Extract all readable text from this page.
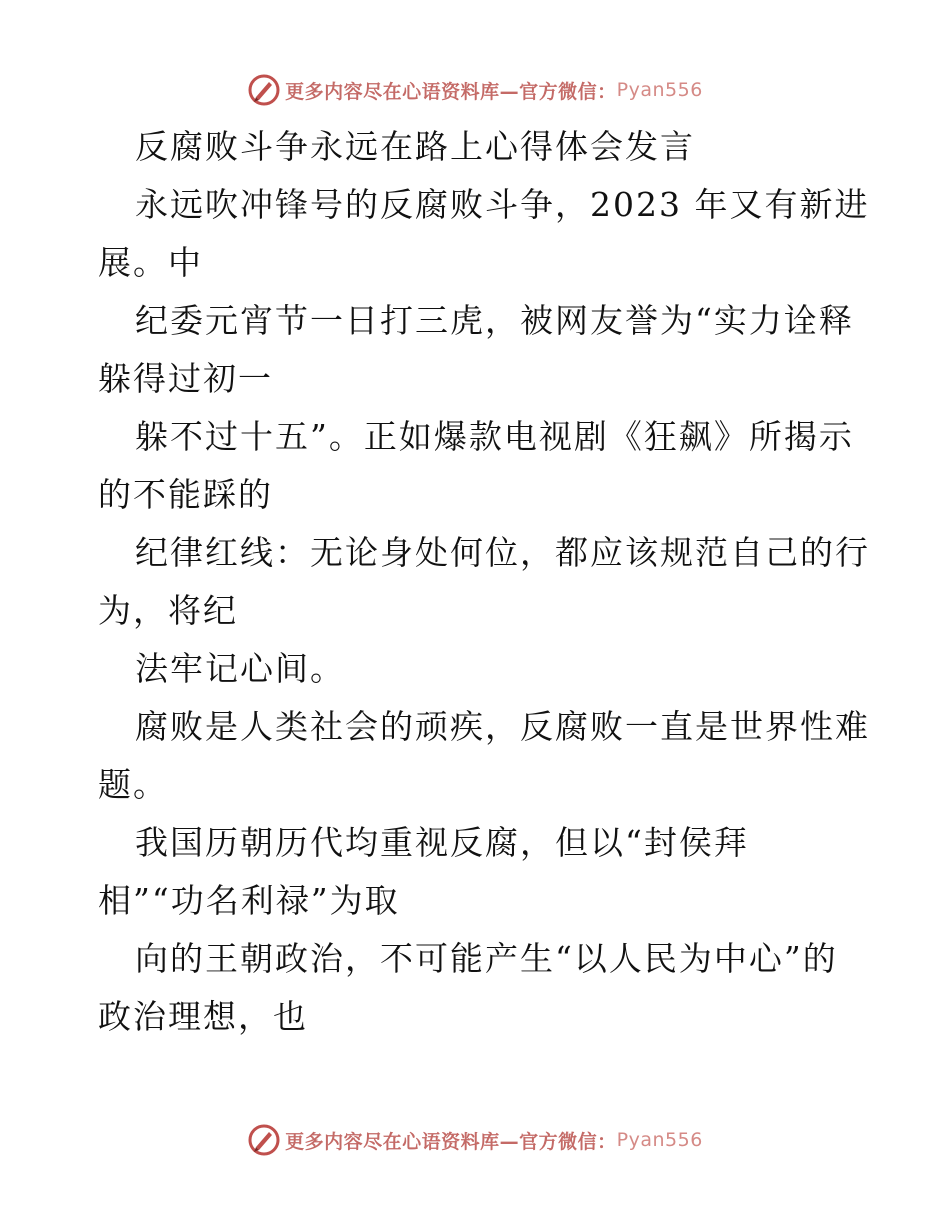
更多内容尽在心语资料库—官方微信： Pyan556
反腐败斗争永远在路上心得体会发言
永远吹冲锋号的反腐败斗争，2023 年又有新进
展。中
纪委元宵节一日打三虎，被网友誉为“实力诠释
躲得过初一
躲不过十五”。正如爆款电视剧《狂飙》所揭示
的不能踩的
纪律红线：无论身处何位，都应该规范自己的行
为，将纪
法牢记心间。
腐败是人类社会的顽疾，反腐败一直是世界性难
题。
我国历朝历代均重视反腐，但以“封侯拜
相”“功名利禄”为取
向的王朝政治，不可能产生“以人民为中心”的
政治理想，也
更多内容尽在心语资料库—官方微信： Pyan556
